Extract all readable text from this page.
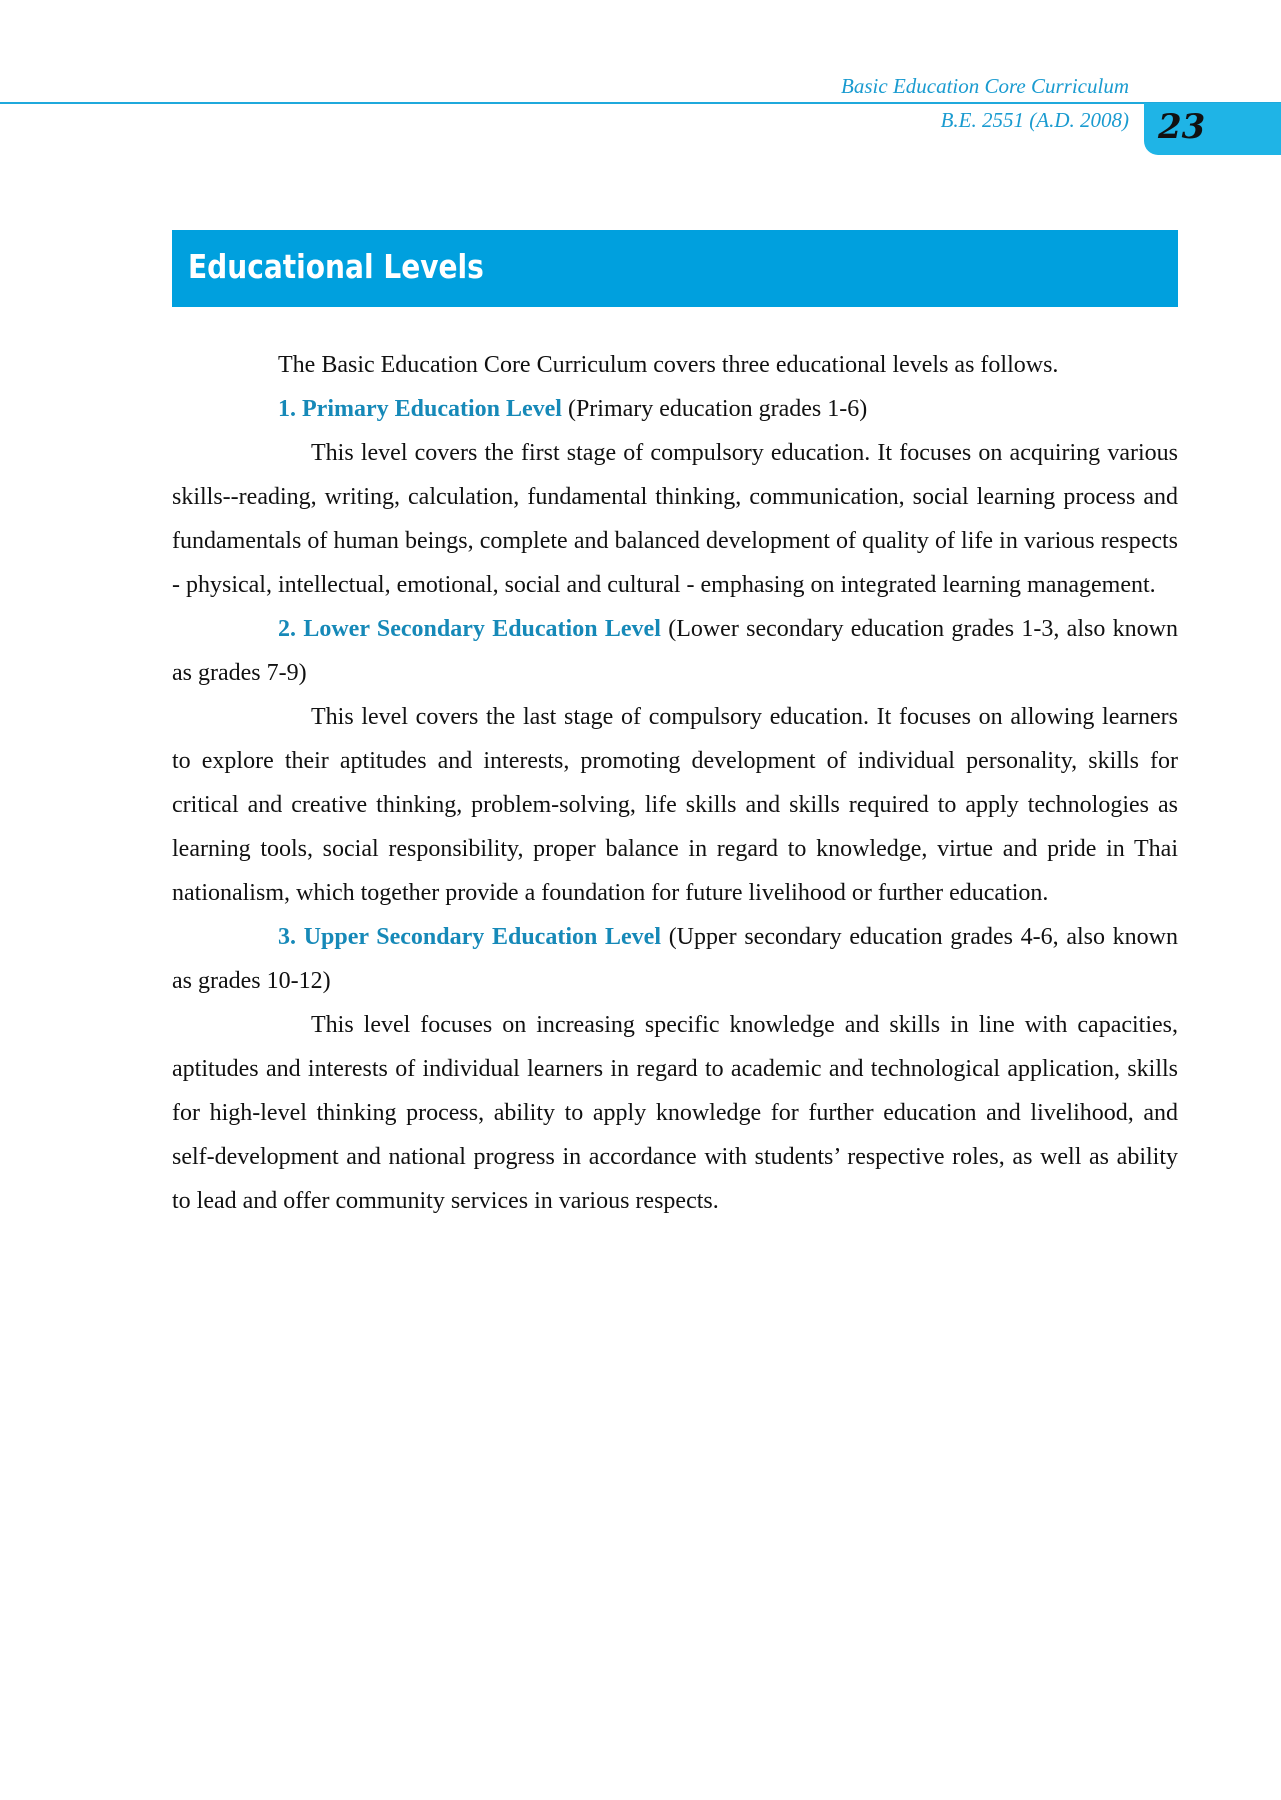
Basic Education Core Curriculum
B.E. 2551 (A.D. 2008) 23
Educational Levels

The Basic Education Core Curriculum covers three educational levels as follows.

1. Primary Education Level (Primary education grades 1-6)

This level covers the first stage of compulsory education. It focuses on acquiring various skills--reading, writing, calculation, fundamental thinking, communication, social learning process and fundamentals of human beings, complete and balanced development of quality of life in various respects - physical, intellectual, emotional, social and cultural - emphasing on integrated learning management.

2. Lower Secondary Education Level (Lower secondary education grades 1-3, also known as grades 7-9)

This level covers the last stage of compulsory education. It focuses on allowing learners to explore their aptitudes and interests, promoting development of individual personality, skills for critical and creative thinking, problem-solving, life skills and skills required to apply technologies as learning tools, social responsibility, proper balance in regard to knowledge, virtue and pride in Thai nationalism, which together provide a foundation for future livelihood or further education.

3. Upper Secondary Education Level (Upper secondary education grades 4-6, also known as grades 10-12)

This level focuses on increasing specific knowledge and skills in line with capacities, aptitudes and interests of individual learners in regard to academic and technological application, skills for high-level thinking process, ability to apply knowledge for further education and livelihood, and self-development and national progress in accordance with students’ respective roles, as well as ability to lead and offer community services in various respects.
